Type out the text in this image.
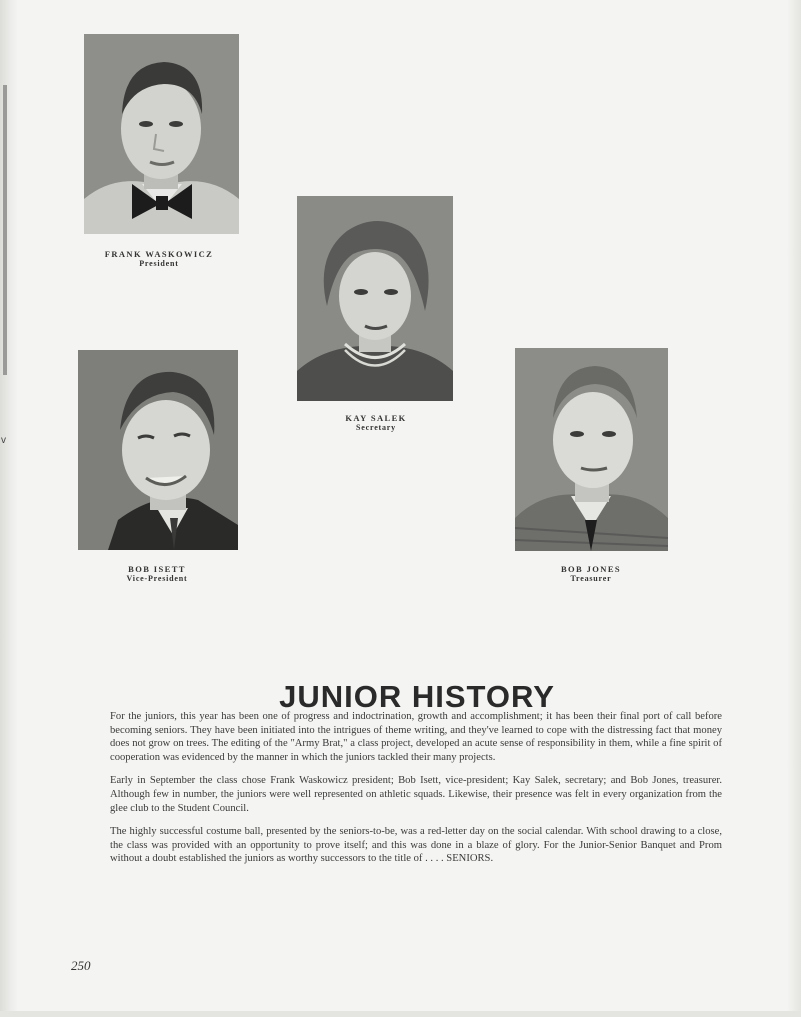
v
FRANK WASKOWICZ
President
KAY SALEK
Secretary
BOB ISETT
Vice-President
BOB JONES
Treasurer
JUNIOR HISTORY

For the juniors, this year has been one of progress and indoctrination, growth and accomplishment; it has been their final port of call before becoming seniors. They have been initiated into the intrigues of theme writing, and they've learned to cope with the distressing fact that money does not grow on trees. The editing of the "Army Brat," a class project, developed an acute sense of responsibility in them, while a fine spirit of cooperation was evidenced by the manner in which the juniors tackled their many projects.

Early in September the class chose Frank Waskowicz president; Bob Isett, vice-president; Kay Salek, secretary; and Bob Jones, treasurer. Although few in number, the juniors were well represented on athletic squads. Likewise, their presence was felt in every organization from the glee club to the Student Council.

The highly successful costume ball, presented by the seniors-to-be, was a red-letter day on the social calendar. With school drawing to a close, the class was provided with an opportunity to prove itself; and this was done in a blaze of glory. For the Junior-Senior Banquet and Prom without a doubt established the juniors as worthy successors to the title of . . . . SENIORS.

250
